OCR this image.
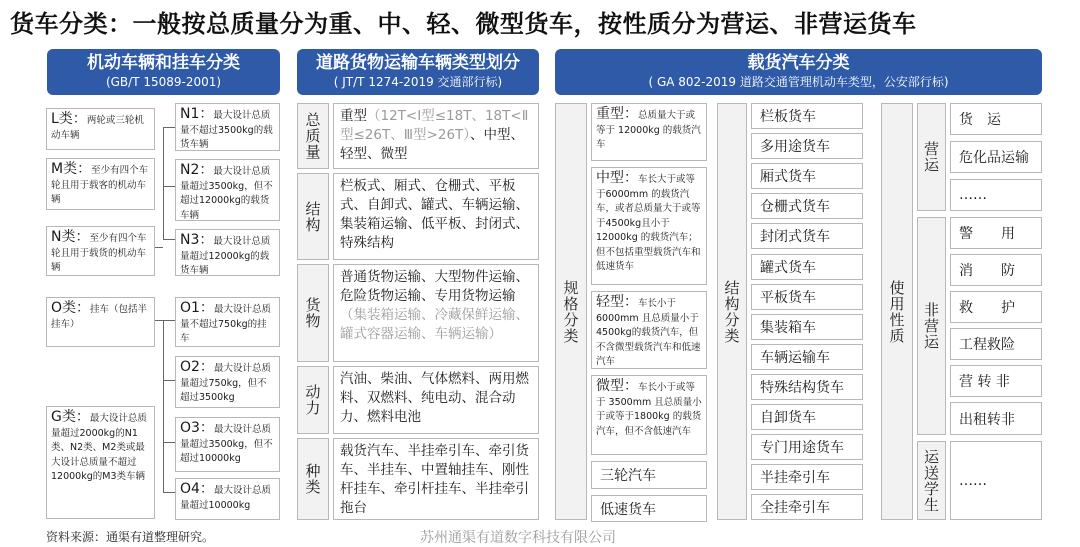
货车分类：一般按总质量分为重、中、轻、微型货车，按性质分为营运、非营运货车
机动车辆和挂车分类
(GB/T 15089-2001)
L类：两轮或三轮机动车辆
M类：至少有四个车轮且用于载客的机动车辆
N类：至少有四个车轮且用于载货的机动车辆
O类：挂车（包括半挂车）
G类：最大设计总质量超过2000kg的N1类、N2类、M2类或最大设计总质量不超过12000kg的M3类车辆
N1：最大设计总质量不超过3500kg的载货车辆
N2：最大设计总质量超过3500kg，但不超过12000kg的载货车辆
N3：最大设计总质量超过12000kg的载货车辆
O1：最大设计总质量不超过750kg的挂车
O2：最大设计总质量超过750kg，但不超过3500kg
O3：最大设计总质量超过3500kg，但不超过10000kg
O4：最大设计总质量超过10000kg
道路货物运输车辆类型划分
( JT/T 1274-2019 交通部行标)
总质量	重型（12T<Ⅰ型≤18T、18T<Ⅱ型≤26T、Ⅲ型>26T）、中型、轻型、微型
结构
栏板式、厢式、仓栅式、平板式、自卸式、罐式、车辆运输、集装箱运输、低平板、封闭式、特殊结构
货物
普通货物运输、大型物件运输、危险货物运输、专用货物运输（集装箱运输、冷藏保鲜运输、罐式容器运输、车辆运输）
动力
汽油、柴油、气体燃料、两用燃料、双燃料、纯电动、混合动力、燃料电池
种类
载货汽车、半挂牵引车、牵引货车、半挂车、中置轴挂车、刚性杆挂车、牵引杆挂车、半挂牵引拖台
载货汽车分类
( GA 802-2019 道路交通管理机动车类型，公安部行标)
规格分类
重型：总质量大于或等于 12000kg 的载货汽车
中型：车长大于或等于6000mm 的载货汽车，或者总质量大于或等于4500kg且小于 12000kg 的载货汽车；但不包括重型载货汽车和低速货车
轻型：车长小于6000mm 且总质量小于4500kg的载货汽车，但不含微型载货汽车和低速汽车
微型：车长小于或等于 3500mm 且总质量小于或等于1800kg 的载货汽车，但不含低速汽车
三轮汽车
低速货车
结构分类
栏板货车
多用途货车
厢式货车
仓栅式货车
封闭式货车
罐式货车
平板货车
集装箱车
车辆运输车
特殊结构货车
自卸货车
专门用途货车
半挂牵引车
全挂牵引车
使用性质
营运
非营运
运送学生
货　运
危化品运输
……
警　　用
消　　防
救　　护
工程救险
营 转 非
出租转非
……
资料来源：通渠有道整理研究。	苏州通渠有道数字科技有限公司
